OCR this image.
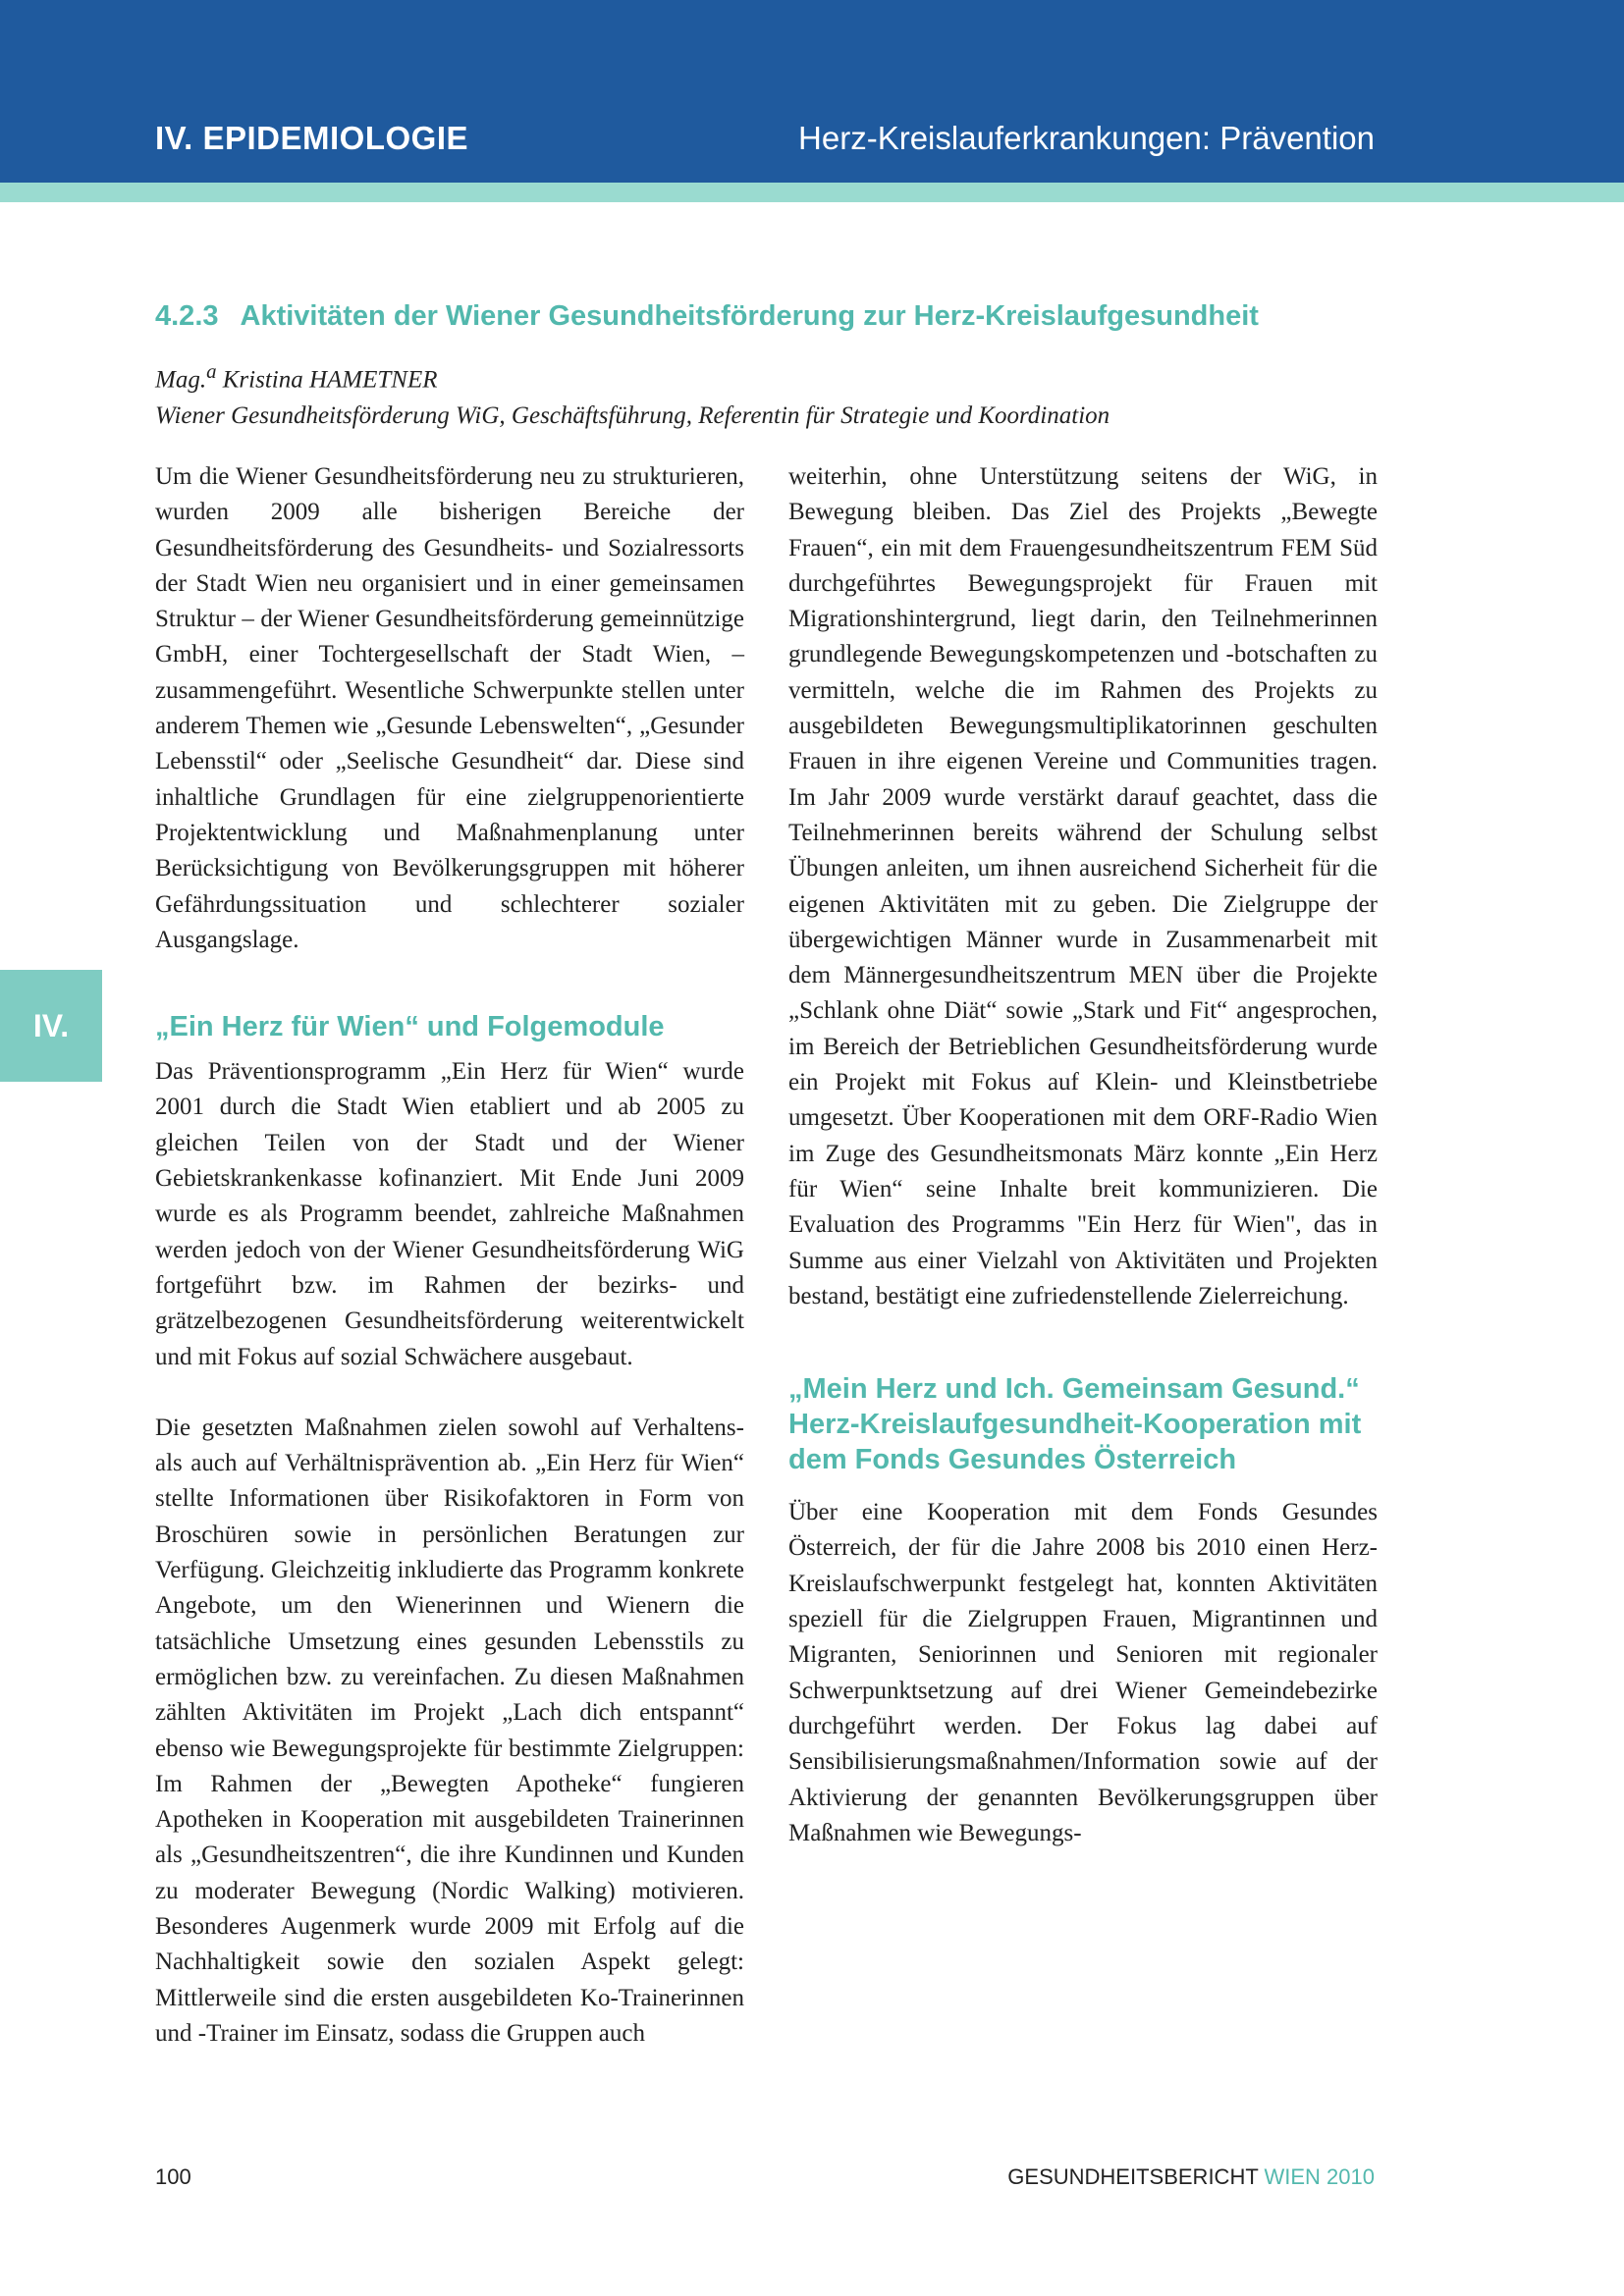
IV. EPIDEMIOLOGIE	Herz-Kreislauferkrankungen: Prävention
IV.
4.2.3 Aktivitäten der Wiener Gesundheitsförderung zur Herz-Kreislaufgesundheit
Mag.$^a$ Kristina HAMETNER
Wiener Gesundheitsförderung WiG, Geschäftsführung, Referentin für Strategie und Koordination

Um die Wiener Gesundheitsförderung neu zu strukturieren, wurden 2009 alle bisherigen Bereiche der Gesundheitsförderung des Gesundheits- und Sozialressorts der Stadt Wien neu organisiert und in einer gemeinsamen Struktur – der Wiener Gesundheitsförderung gemeinnützige GmbH, einer Tochtergesellschaft der Stadt Wien, – zusammengeführt. Wesentliche Schwerpunkte stellen unter anderem Themen wie „Gesunde Lebenswelten“, „Gesunder Lebensstil“ oder „Seelische Gesundheit“ dar. Diese sind inhaltliche Grundlagen für eine zielgruppenorientierte Projektentwicklung und Maßnahmenplanung unter Berücksichtigung von Bevölkerungsgruppen mit höherer Gefährdungssituation und schlechterer sozialer Ausgangslage.

„Ein Herz für Wien“ und Folgemodule

Das Präventionsprogramm „Ein Herz für Wien“ wurde 2001 durch die Stadt Wien etabliert und ab 2005 zu gleichen Teilen von der Stadt und der Wiener Gebietskrankenkasse kofinanziert. Mit Ende Juni 2009 wurde es als Programm beendet, zahlreiche Maßnahmen werden jedoch von der Wiener Gesundheitsförderung WiG fortgeführt bzw. im Rahmen der bezirks- und grätzelbezogenen Gesundheitsförderung weiterentwickelt und mit Fokus auf sozial Schwächere ausgebaut.

Die gesetzten Maßnahmen zielen sowohl auf Verhaltens- als auch auf Verhältnisprävention ab. „Ein Herz für Wien“ stellte Informationen über Risikofaktoren in Form von Broschüren sowie in persönlichen Beratungen zur Verfügung. Gleichzeitig inkludierte das Programm konkrete Angebote, um den Wienerinnen und Wienern die tatsächliche Umsetzung eines gesunden Lebensstils zu ermöglichen bzw. zu vereinfachen. Zu diesen Maßnahmen zählten Aktivitäten im Projekt „Lach dich entspannt“ ebenso wie Bewegungsprojekte für bestimmte Zielgruppen: Im Rahmen der „Bewegten Apotheke“ fungieren Apotheken in Kooperation mit ausgebildeten Trainerinnen als „Gesundheitszentren“, die ihre Kundinnen und Kunden zu moderater Bewegung (Nordic Walking) motivieren. Besonderes Augenmerk wurde 2009 mit Erfolg auf die Nachhaltigkeit sowie den sozialen Aspekt gelegt: Mittlerweile sind die ersten ausgebildeten Ko-Trainerinnen und -Trainer im Einsatz, sodass die Gruppen auch

weiterhin, ohne Unterstützung seitens der WiG, in Bewegung bleiben. Das Ziel des Projekts „Bewegte Frauen“, ein mit dem Frauengesundheitszentrum FEM Süd durchgeführtes Bewegungsprojekt für Frauen mit Migrationshintergrund, liegt darin, den Teilnehmerinnen grundlegende Bewegungskompetenzen und -botschaften zu vermitteln, welche die im Rahmen des Projekts zu ausgebildeten Bewegungsmultiplikatorinnen geschulten Frauen in ihre eigenen Vereine und Communities tragen. Im Jahr 2009 wurde verstärkt darauf geachtet, dass die Teilnehmerinnen bereits während der Schulung selbst Übungen anleiten, um ihnen ausreichend Sicherheit für die eigenen Aktivitäten mit zu geben. Die Zielgruppe der übergewichtigen Männer wurde in Zusammenarbeit mit dem Männergesundheitszentrum MEN über die Projekte „Schlank ohne Diät“ sowie „Stark und Fit“ angesprochen, im Bereich der Betrieblichen Gesundheitsförderung wurde ein Projekt mit Fokus auf Klein- und Kleinstbetriebe umgesetzt. Über Kooperationen mit dem ORF-Radio Wien im Zuge des Gesundheitsmonats März konnte „Ein Herz für Wien“ seine Inhalte breit kommunizieren. Die Evaluation des Programms "Ein Herz für Wien", das in Summe aus einer Vielzahl von Aktivitäten und Projekten bestand, bestätigt eine zufriedenstellende Zielerreichung.

„Mein Herz und Ich. Gemeinsam Gesund.“
Herz-Kreislaufgesundheit-Kooperation mit
dem Fonds Gesundes Österreich

Über eine Kooperation mit dem Fonds Gesundes Österreich, der für die Jahre 2008 bis 2010 einen Herz-Kreislaufschwerpunkt festgelegt hat, konnten Aktivitäten speziell für die Zielgruppen Frauen, Migrantinnen und Migranten, Seniorinnen und Senioren mit regionaler Schwerpunktsetzung auf drei Wiener Gemeindebezirke durchgeführt werden. Der Fokus lag dabei auf Sensibilisierungsmaßnahmen/Information sowie auf der Aktivierung der genannten Bevölkerungsgruppen über Maßnahmen wie Bewegungs-

100	GESUNDHEITSBERICHT WIEN 2010
